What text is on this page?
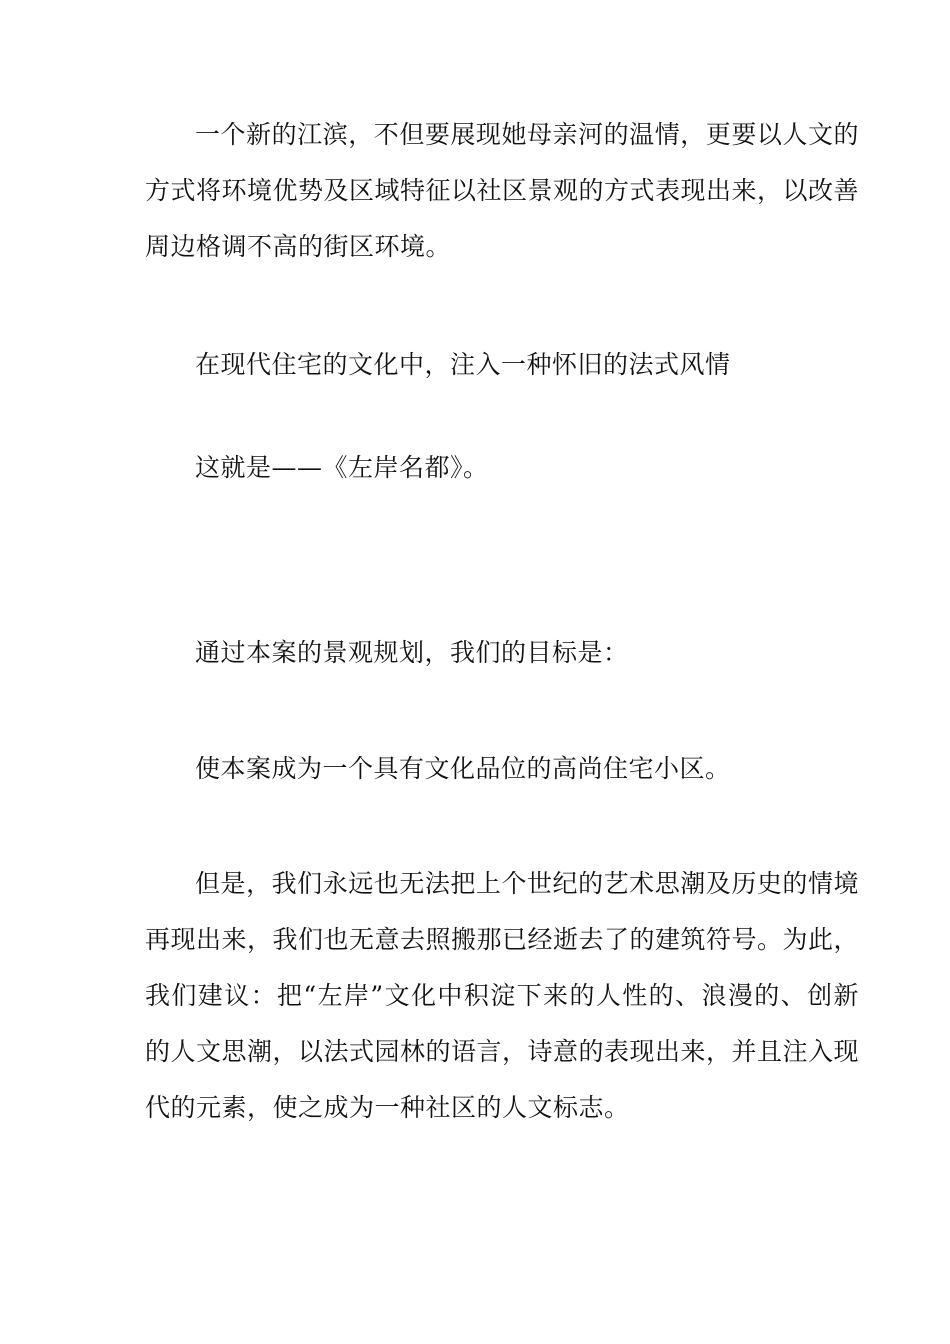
一个新的江滨，不但要展现她母亲河的温情，更要以人文的方式将环境优势及区域特征以社区景观的方式表现出来，以改善周边格调不高的街区环境。

在现代住宅的文化中，注入一种怀旧的法式风情

这就是——《左岸名都》。

通过本案的景观规划，我们的目标是：

使本案成为一个具有文化品位的高尚住宅小区。

但是，我们永远也无法把上个世纪的艺术思潮及历史的情境再现出来，我们也无意去照搬那已经逝去了的建筑符号。为此，我们建议：把“左岸”文化中积淀下来的人性的、浪漫的、创新的人文思潮，以法式园林的语言，诗意的表现出来，并且注入现代的元素，使之成为一种社区的人文标志。
